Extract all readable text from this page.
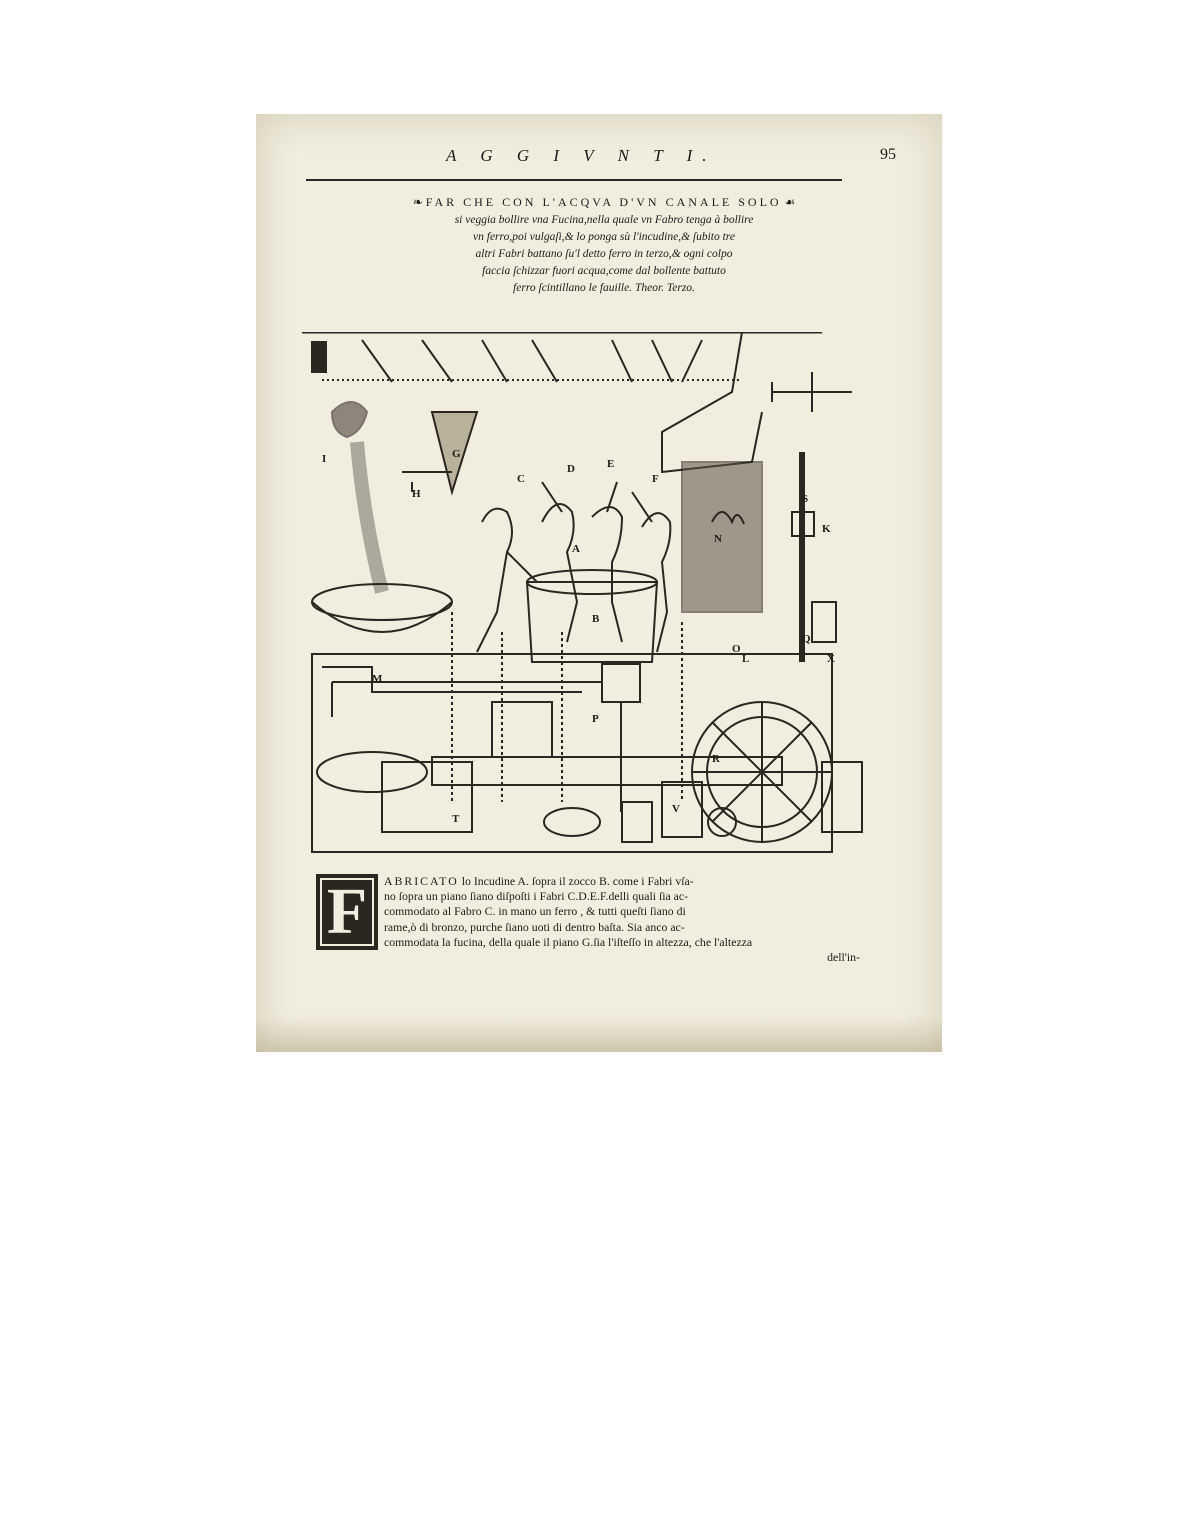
A G G I V N T I.	95
❧ FAR CHE CON L'ACQVA D'VN CANALE SOLO ☙
si veggia bollire vna Fucina,nella quale vn Fabro tenga à bollire
vn ferro,poi vulgaſi,& lo ponga sù l'incudine,& ſubito tre
altri Fabri battano ſu'l detto ferro in terzo,& ogni colpo
faccia ſchizzar fuori acqua,come dal bollente battuto
ferro ſcintillano le fauille. Theor. Terzo.
I
A
B
C
D	E
F
G
H
K
L
M
N
O
P
Q
R
S
T
V
X
F	ABRICATO lo Incudine A. ſopra il zocco B. come i Fabri vſa-
no ſopra un piano ſiano diſpoſti i Fabri C.D.E.F.delli quali ſia ac-
commodato al Fabro C. in mano un ferro , & tutti queſti ſiano di
rame,ò di bronzo, purche ſiano uoti di dentro baſta. Sia anco ac-
commodata la fucina, della quale il piano G.ſia l'iſteſſo in altezza, che l'altezza
dell'in-
